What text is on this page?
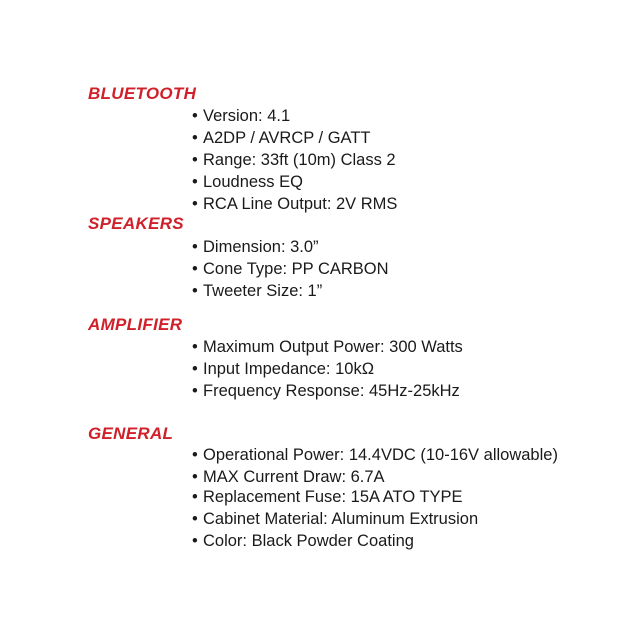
BLUETOOTH
• Version: 4.1
• A2DP / AVRCP / GATT
• Range: 33ft (10m) Class 2
• Loudness EQ
• RCA Line Output: 2V RMS
SPEAKERS
• Dimension: 3.0”
• Cone Type: PP CARBON
• Tweeter Size: 1”
AMPLIFIER
• Maximum Output Power: 300 Watts
• Input Impedance: 10kΩ
• Frequency Response: 45Hz-25kHz
GENERAL
• Operational Power: 14.4VDC (10-16V allowable)
• MAX Current Draw: 6.7A
• Replacement Fuse: 15A ATO TYPE
• Cabinet Material: Aluminum Extrusion
• Color: Black Powder Coating
